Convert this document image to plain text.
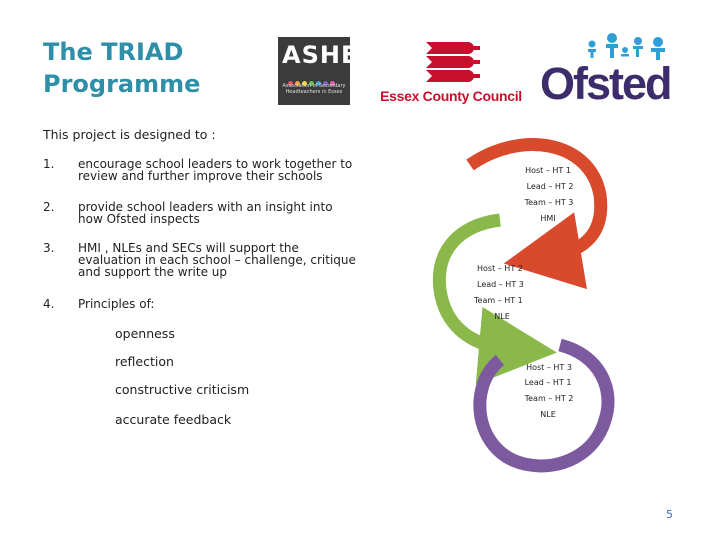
The TRIAD
Programme
ASHE
Association of Secondary Headteachers in Essex	Essex County Council Ofsted
This project is designed to :
1.	encourage school leaders to work together to review and further improve their schools
2.	provide school leaders with an insight into how Ofsted inspects
3.	HMI , NLEs and SECs will support the evaluation in each school – challenge, critique and support the write up
4.	Principles of:
openness
reflection
constructive criticism
accurate feedback
Host – HT 1
Lead – HT 2
Team – HT 3
HMI
Host – HT 2
Lead – HT 3
Team – HT 1
NLE
Host – HT 3
Lead – HT 1
Team – HT 2
NLE
5
